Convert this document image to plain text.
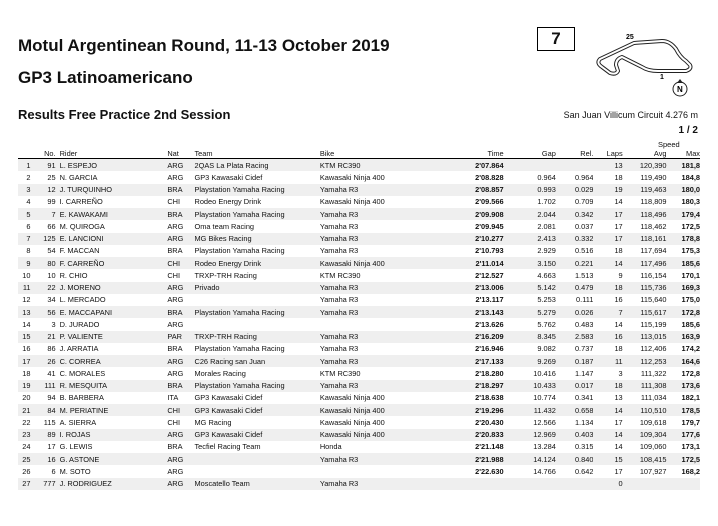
Motul Argentinean Round, 11-13 October 2019
GP3 Latinoamericano
Results Free Practice 2nd Session
7	25
1
N
San Juan Villicum Circuit 4.276 m
1 / 2
Speed
	No.	Rider	Nat	Team	Bike	Time	Gap	Rel.	Laps	Avg	Max
1	91	L. ESPEJO	ARG	2QAS La Plata Racing	KTM RC390	2'07.864			13	120,390	181,8
2	25	N. GARCIA	ARG	GP3 Kawasaki Cidef	Kawasaki Ninja 400	2'08.828	0.964	0.964	18	119,490	184,8
3	12	J. TURQUINHO	BRA	Playstation Yamaha Racing	Yamaha R3	2'08.857	0.993	0.029	19	119,463	180,0
4	99	I. CARREÑO	CHI	Rodeo Energy Drink	Kawasaki Ninja 400	2'09.566	1.702	0.709	14	118,809	180,3
5	7	E. KAWAKAMI	BRA	Playstation Yamaha Racing	Yamaha R3	2'09.908	2.044	0.342	17	118,496	179,4
6	66	M. QUIROGA	ARG	Oma team Racing	Yamaha R3	2'09.945	2.081	0.037	17	118,462	172,5
7	125	E. LANCIONI	ARG	MG Bikes Racing	Yamaha R3	2'10.277	2.413	0.332	17	118,161	178,8
8	54	F. MACCAN	BRA	Playstation Yamaha Racing	Yamaha R3	2'10.793	2.929	0.516	18	117,694	175,3
9	80	F. CARREÑO	CHI	Rodeo Energy Drink	Kawasaki Ninja 400	2'11.014	3.150	0.221	14	117,496	185,6
10	10	R. CHIO	CHI	TRXP-TRH Racing	KTM RC390	2'12.527	4.663	1.513	9	116,154	170,1
11	22	J. MORENO	ARG	Privado	Yamaha R3	2'13.006	5.142	0.479	18	115,736	169,3
12	34	L. MERCADO	ARG		Yamaha R3	2'13.117	5.253	0.111	16	115,640	175,0
13	56	E. MACCAPANI	BRA	Playstation Yamaha Racing	Yamaha R3	2'13.143	5.279	0.026	7	115,617	172,8
14	3	D. JURADO	ARG			2'13.626	5.762	0.483	14	115,199	185,6
15	21	P. VALIENTE	PAR	TRXP-TRH Racing	Yamaha R3	2'16.209	8.345	2.583	16	113,015	163,9
16	86	J. ARRATIA	BRA	Playstation Yamaha Racing	Yamaha R3	2'16.946	9.082	0.737	18	112,406	174,2
17	26	C. CORREA	ARG	C26 Racing san Juan	Yamaha R3	2'17.133	9.269	0.187	11	112,253	164,6
18	41	C. MORALES	ARG	Morales Racing	KTM RC390	2'18.280	10.416	1.147	3	111,322	172,8
19	111	R. MESQUITA	BRA	Playstation Yamaha Racing	Yamaha R3	2'18.297	10.433	0.017	18	111,308	173,6
20	94	B. BARBERA	ITA	GP3 Kawasaki Cidef	Kawasaki Ninja 400	2'18.638	10.774	0.341	13	111,034	182,1
21	84	M. PERIATINE	CHI	GP3 Kawasaki Cidef	Kawasaki Ninja 400	2'19.296	11.432	0.658	14	110,510	178,5
22	115	A. SIERRA	CHI	MG Racing	Kawasaki Ninja 400	2'20.430	12.566	1.134	17	109,618	179,7
23	89	I. ROJAS	ARG	GP3 Kawasaki Cidef	Kawasaki Ninja 400	2'20.833	12.969	0.403	14	109,304	177,6
24	17	G. LEWIS	BRA	Tecfiel Racing Team	Honda	2'21.148	13.284	0.315	14	109,060	173,1
25	16	G. ASTONE	ARG		Yamaha R3	2'21.988	14.124	0.840	15	108,415	172,5
26	6	M. SOTO	ARG			2'22.630	14.766	0.642	17	107,927	168,2
27	777	J. RODRIGUEZ	ARG	Moscatello Team	Yamaha R3				0		
